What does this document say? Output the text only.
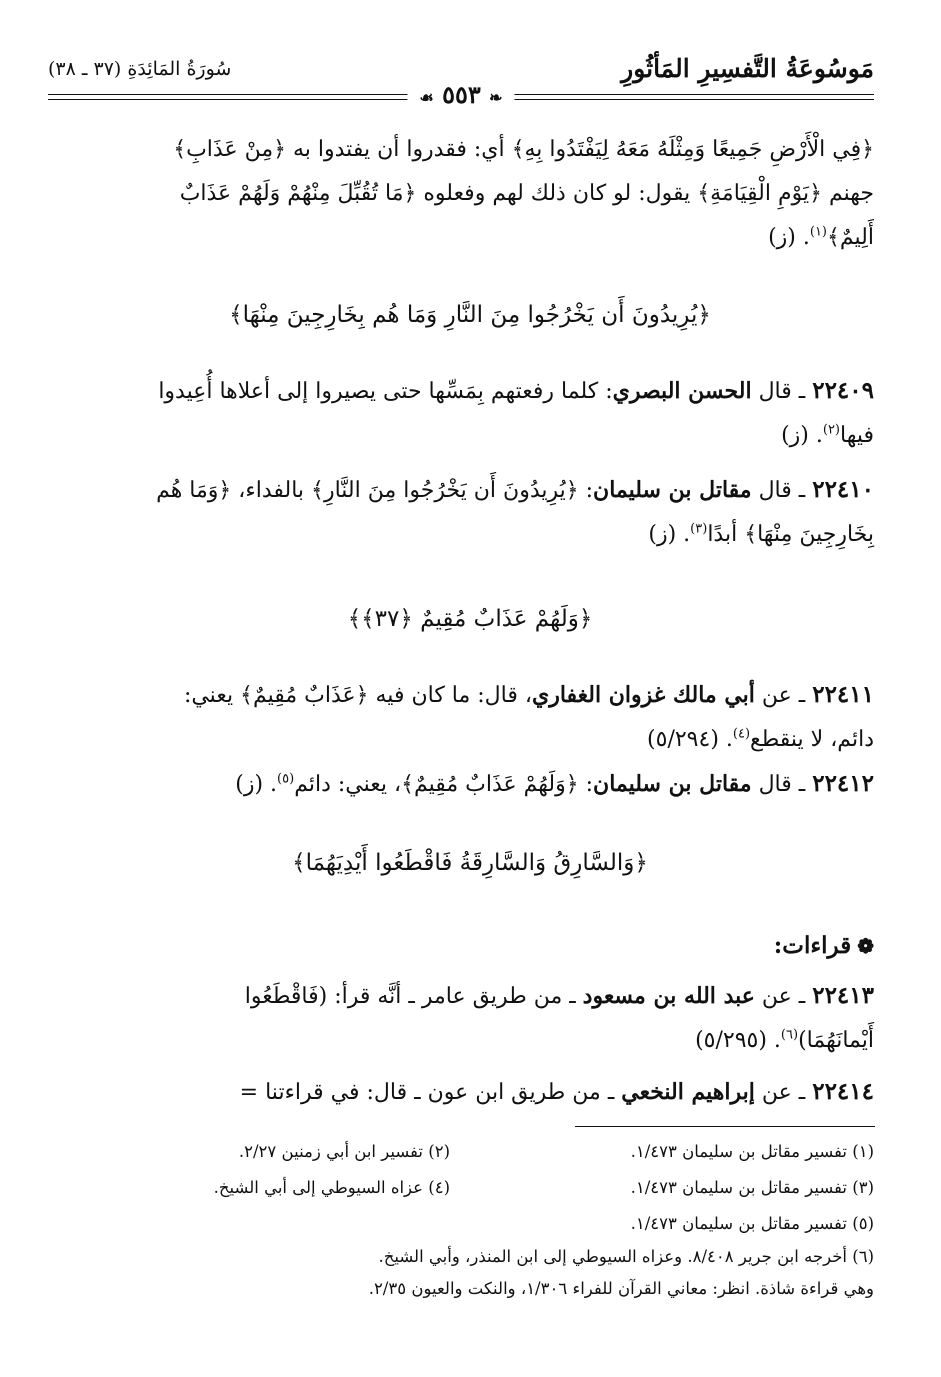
مَوسُوعَةُ التَّفسِيرِ المَأثُورِ
سُورَةُ المَائِدَةِ (٣٧ ـ ٣٨)
❧ ٥٥٣ ☙
﴿فِي الْأَرْضِ جَمِيعًا وَمِثْلَهُ مَعَهُ لِيَفْتَدُوا بِهِ﴾ أي: فقدروا أن يفتدوا به ﴿مِنْ عَذَابِ﴾
جهنم ﴿يَوْمِ الْقِيَامَةِ﴾ يقول: لو كان ذلك لهم وفعلوه ﴿مَا تُقُبِّلَ مِنْهُمْ وَلَهُمْ عَذَابٌ
أَلِيمٌ﴾$^{(١)}$. (ز)
﴿يُرِيدُونَ أَن يَخْرُجُوا مِنَ النَّارِ وَمَا هُم بِخَارِجِينَ مِنْهَا﴾
٢٢٤٠٩ ـ قال الحسن البصري: كلما رفعتهم بِمَسِّها حتى يصيروا إلى أعلاها أُعِيدوا
فيها$^{(٢)}$. (ز)
٢٢٤١٠ ـ قال مقاتل بن سليمان: ﴿يُرِيدُونَ أَن يَخْرُجُوا مِنَ النَّارِ﴾ بالفداء، ﴿وَمَا هُم
بِخَارِجِينَ مِنْهَا﴾ أبدًا$^{(٣)}$. (ز)
﴿وَلَهُمْ عَذَابٌ مُقِيمٌ ﴿٣٧﴾﴾
٢٢٤١١ ـ عن أبي مالك غزوان الغفاري، قال: ما كان فيه ﴿عَذَابٌ مُقِيمٌ﴾ يعني:
دائم، لا ينقطع$^{(٤)}$. (٥/٢٩٤)
٢٢٤١٢ ـ قال مقاتل بن سليمان: ﴿وَلَهُمْ عَذَابٌ مُقِيمٌ﴾، يعني: دائم$^{(٥)}$. (ز)
﴿وَالسَّارِقُ وَالسَّارِقَةُ فَاقْطَعُوا أَيْدِيَهُمَا﴾
❁قراءات:
٢٢٤١٣ ـ عن عبد الله بن مسعود ـ من طريق عامر ـ أنَّه قرأ: (فَاقْطَعُوا
أَيْمانَهُمَا)$^{(٦)}$. (٥/٢٩٥)
٢٢٤١٤ ـ عن إبراهيم النخعي ـ من طريق ابن عون ـ قال: في قراءتنا =
(١) تفسير مقاتل بن سليمان ١/٤٧٣.
(٢) تفسير ابن أبي زمنين ٢/٢٧.
(٣) تفسير مقاتل بن سليمان ١/٤٧٣.
(٤) عزاه السيوطي إلى أبي الشيخ.
(٥) تفسير مقاتل بن سليمان ١/٤٧٣.
(٦) أخرجه ابن جرير ٨/٤٠٨. وعزاه السيوطي إلى ابن المنذر، وأبي الشيخ.
وهي قراءة شاذة. انظر: معاني القرآن للفراء ١/٣٠٦، والنكت والعيون ٢/٣٥.
